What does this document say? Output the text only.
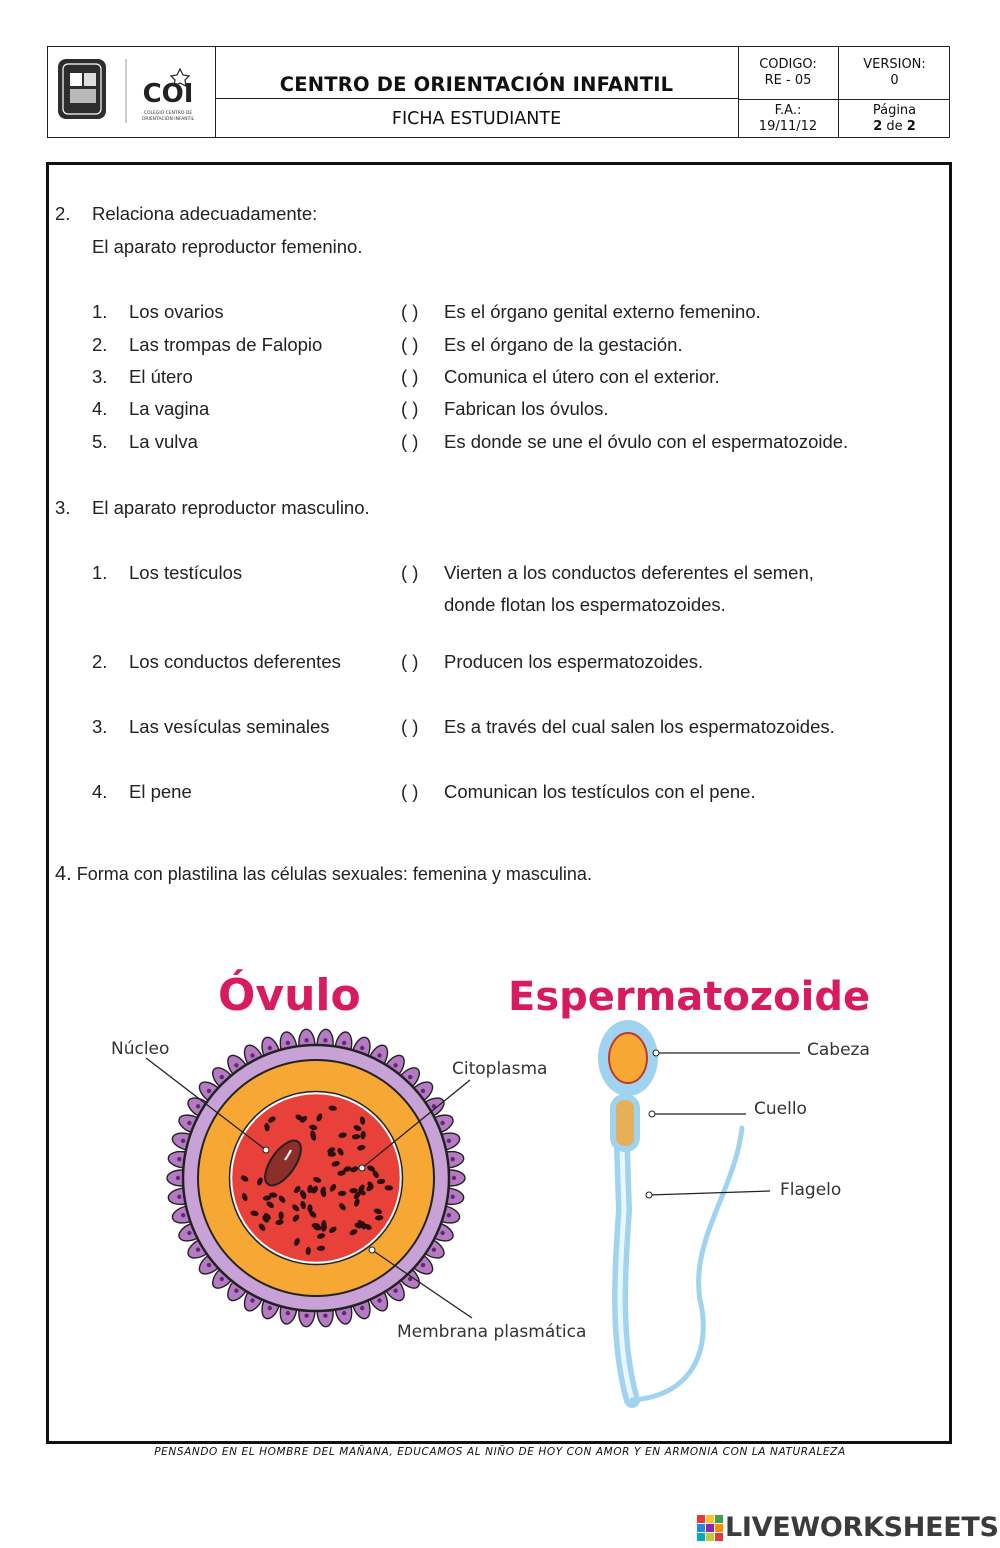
COI
COLEGIO CENTRO DE
ORIENTACIÓN INFANTIL
CENTRO DE ORIENTACIÓN INFANTIL
FICHA ESTUDIANTE
CODIGO:
RE - 05
F.A.:
19/11/12
VERSION:
0
Página
2 de 2
2. Relaciona adecuadamente:
El aparato reproductor femenino.
1. Los ovarios	( ) Es el órgano genital externo femenino.
2. Las trompas de Falopio	( ) Es el órgano de la gestación.
3. El útero	( ) Comunica el útero con el exterior.
4. La vagina	( ) Fabrican los óvulos.
5. La vulva	( ) Es donde se une el óvulo con el espermatozoide.
3. El aparato reproductor masculino.
1. Los testículos	( ) Vierten a los conductos deferentes el semen,
donde flotan los espermatozoides.
2. Los conductos deferentes	( ) Producen los espermatozoides.
3. Las vesículas seminales	( ) Es a través del cual salen los espermatozoides.
4. El pene	( ) Comunican los testículos con el pene.
4. Forma con plastilina las células sexuales: femenina y masculina.
Óvulo	Espermatozoide
Núcleo
Citoplasma
Membrana plasmática
Cabeza
Cuello
Flagelo
PENSANDO EN EL HOMBRE DEL MAÑANA, EDUCAMOS AL NIÑO DE HOY CON AMOR Y EN ARMONIA CON LA NATURALEZA
LIVEWORKSHEETS
